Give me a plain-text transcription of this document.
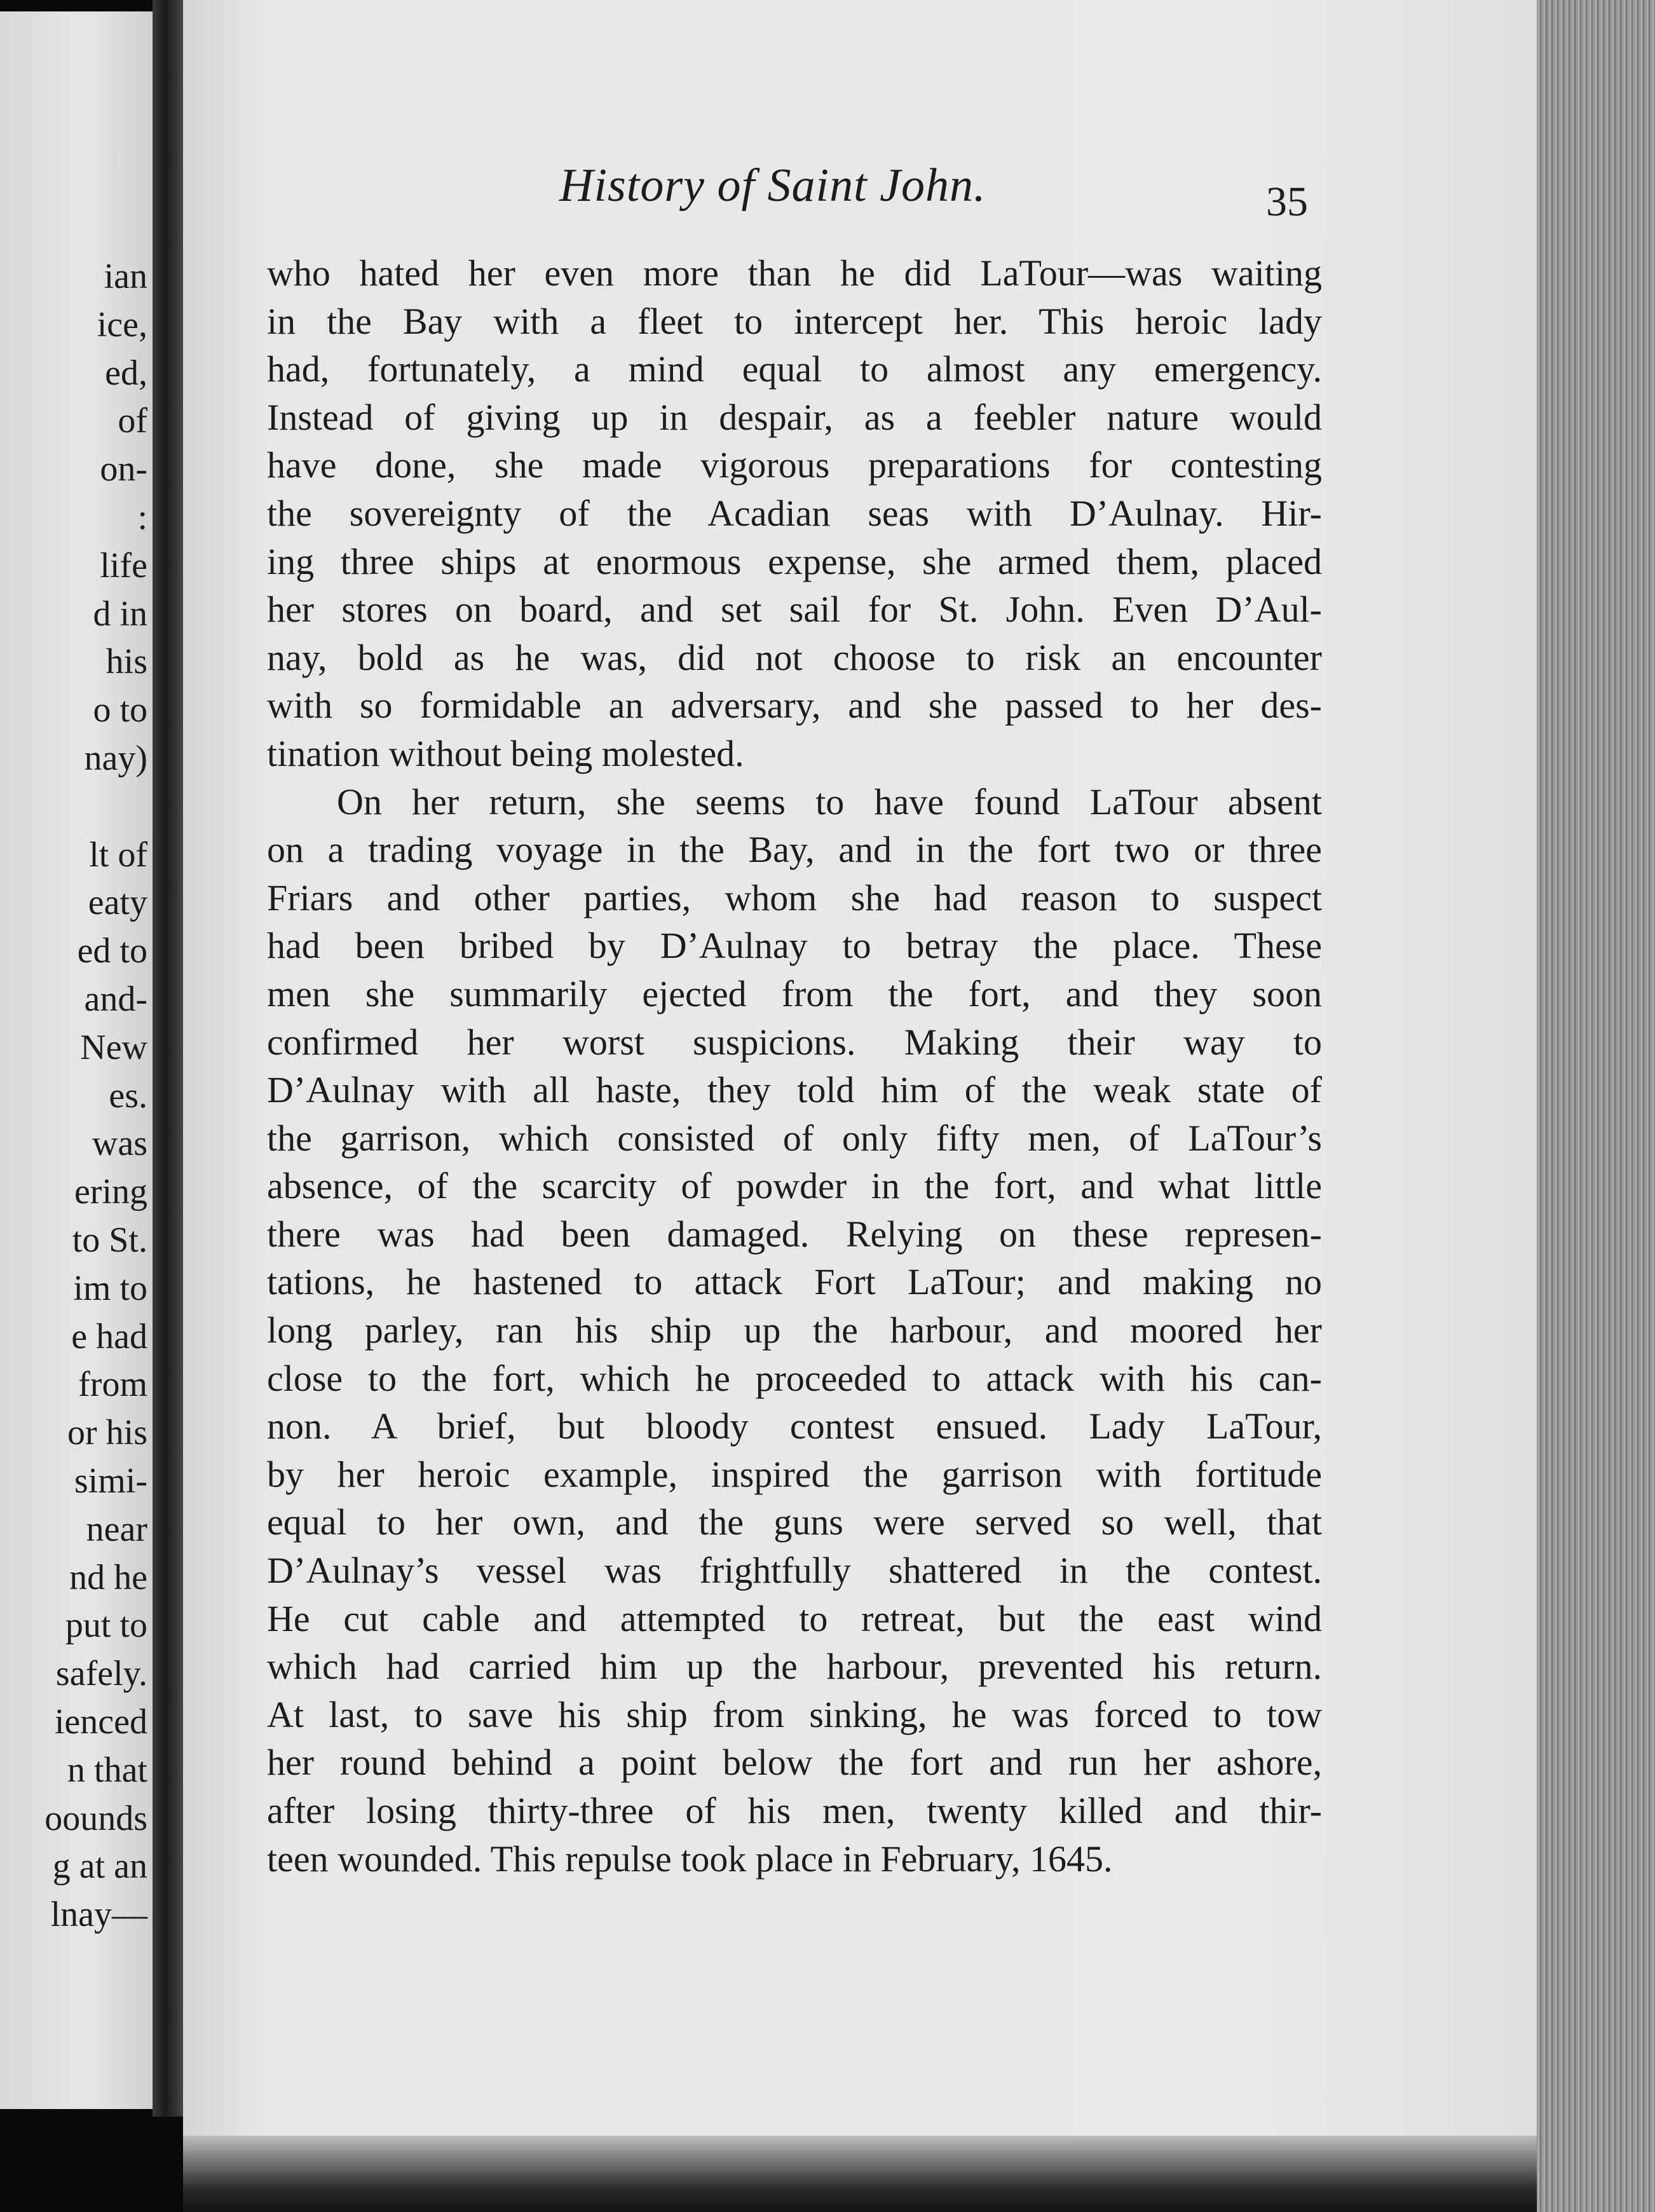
ian
ice,
ed,
of
on-
:
life
d in
his
o to
nay)

lt of
eaty
ed to
and-
New
es.
was
ering
to St.
im to
e had
from
or his
simi-
near
nd he
put to
safely.
ienced
n that
oounds
g at an
lnay—
History of Saint John.	35
who hated her even more than he did LaTour—was waiting
in the Bay with a fleet to intercept her. This heroic lady
had, fortunately, a mind equal to almost any emergency.
Instead of giving up in despair, as a feebler nature would
have done, she made vigorous preparations for contesting
the sovereignty of the Acadian seas with D’Aulnay. Hir-
ing three ships at enormous expense, she armed them, placed
her stores on board, and set sail for St. John. Even D’Aul-
nay, bold as he was, did not choose to risk an encounter
with so formidable an adversary, and she passed to her des-
tination without being molested.
On her return, she seems to have found LaTour absent
on a trading voyage in the Bay, and in the fort two or three
Friars and other parties, whom she had reason to suspect
had been bribed by D’Aulnay to betray the place. These
men she summarily ejected from the fort, and they soon
confirmed her worst suspicions. Making their way to
D’Aulnay with all haste, they told him of the weak state of
the garrison, which consisted of only fifty men, of LaTour’s
absence, of the scarcity of powder in the fort, and what little
there was had been damaged. Relying on these represen-
tations, he hastened to attack Fort LaTour; and making no
long parley, ran his ship up the harbour, and moored her
close to the fort, which he proceeded to attack with his can-
non. A brief, but bloody contest ensued. Lady LaTour,
by her heroic example, inspired the garrison with fortitude
equal to her own, and the guns were served so well, that
D’Aulnay’s vessel was frightfully shattered in the contest.
He cut cable and attempted to retreat, but the east wind
which had carried him up the harbour, prevented his return.
At last, to save his ship from sinking, he was forced to tow
her round behind a point below the fort and run her ashore,
after losing thirty-three of his men, twenty killed and thir-
teen wounded. This repulse took place in February, 1645.
